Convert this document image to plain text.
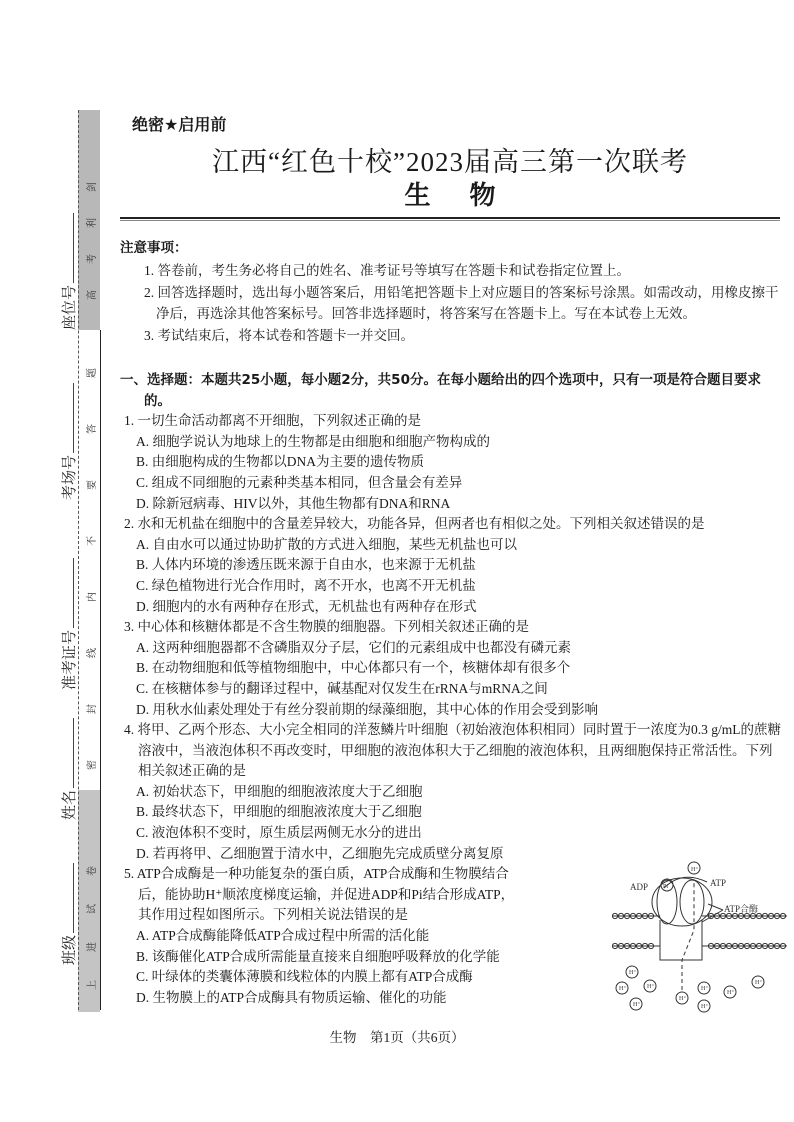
高考利剑
密封线内不要答题
上进试卷
座位号
考场号
准考证号
姓名
班级
绝密★启用前
江西“红色十校”2023届高三第一次联考
生 物
注意事项：
1. 答卷前，考生务必将自己的姓名、准考证号等填写在答题卡和试卷指定位置上。
2. 回答选择题时，选出每小题答案后，用铅笔把答题卡上对应题目的答案标号涂黑。如需改动，用橡皮擦干净后，再选涂其他答案标号。回答非选择题时，将答案写在答题卡上。写在本试卷上无效。
3. 考试结束后，将本试卷和答题卡一并交回。
一、选择题：本题共25小题，每小题2分，共50分。在每小题给出的四个选项中，只有一项是符合题目要求的。
1. 一切生命活动都离不开细胞，下列叙述正确的是
A. 细胞学说认为地球上的生物都是由细胞和细胞产物构成的
B. 由细胞构成的生物都以DNA为主要的遗传物质
C. 组成不同细胞的元素种类基本相同，但含量会有差异
D. 除新冠病毒、HIV以外，其他生物都有DNA和RNA
2. 水和无机盐在细胞中的含量差异较大，功能各异，但两者也有相似之处。下列相关叙述错误的是
A. 自由水可以通过协助扩散的方式进入细胞，某些无机盐也可以
B. 人体内环境的渗透压既来源于自由水，也来源于无机盐
C. 绿色植物进行光合作用时，离不开水，也离不开无机盐
D. 细胞内的水有两种存在形式，无机盐也有两种存在形式
3. 中心体和核糖体都是不含生物膜的细胞器。下列相关叙述正确的是
A. 这两种细胞器都不含磷脂双分子层，它们的元素组成中也都没有磷元素
B. 在动物细胞和低等植物细胞中，中心体都只有一个，核糖体却有很多个
C. 在核糖体参与的翻译过程中，碱基配对仅发生在rRNA与mRNA之间
D. 用秋水仙素处理处于有丝分裂前期的绿藻细胞，其中心体的作用会受到影响
4. 将甲、乙两个形态、大小完全相同的洋葱鳞片叶细胞（初始液泡体积相同）同时置于一浓度为0.3 g/mL的蔗糖溶液中，当液泡体积不再改变时，甲细胞的液泡体积大于乙细胞的液泡体积，且两细胞保持正常活性。下列相关叙述正确的是
A. 初始状态下，甲细胞的细胞液浓度大于乙细胞
B. 最终状态下，甲细胞的细胞液浓度大于乙细胞
C. 液泡体积不变时，原生质层两侧无水分的进出
D. 若再将甲、乙细胞置于清水中，乙细胞先完成质壁分离复原
5. ATP合成酶是一种功能复杂的蛋白质，ATP合成酶和生物膜结合后，能协助H⁺顺浓度梯度运输，并促进ADP和Pi结合形成ATP，其作用过程如图所示。下列相关说法错误的是
A. ATP合成酶能降低ATP合成过程中所需的活化能
B. 该酶催化ATP合成所需能量直接来自细胞呼吸释放的化学能
C. 叶绿体的类囊体薄膜和线粒体的内膜上都有ATP合成酶
D. 生物膜上的ATP合成酶具有物质运输、催化的功能
H⁺
Pi
ADP	ATP
ATP合酶
H⁺
H⁺	H⁺
H⁺
H⁺
H⁺
H⁺
H⁺
H⁺
生物　第1页（共6页）
